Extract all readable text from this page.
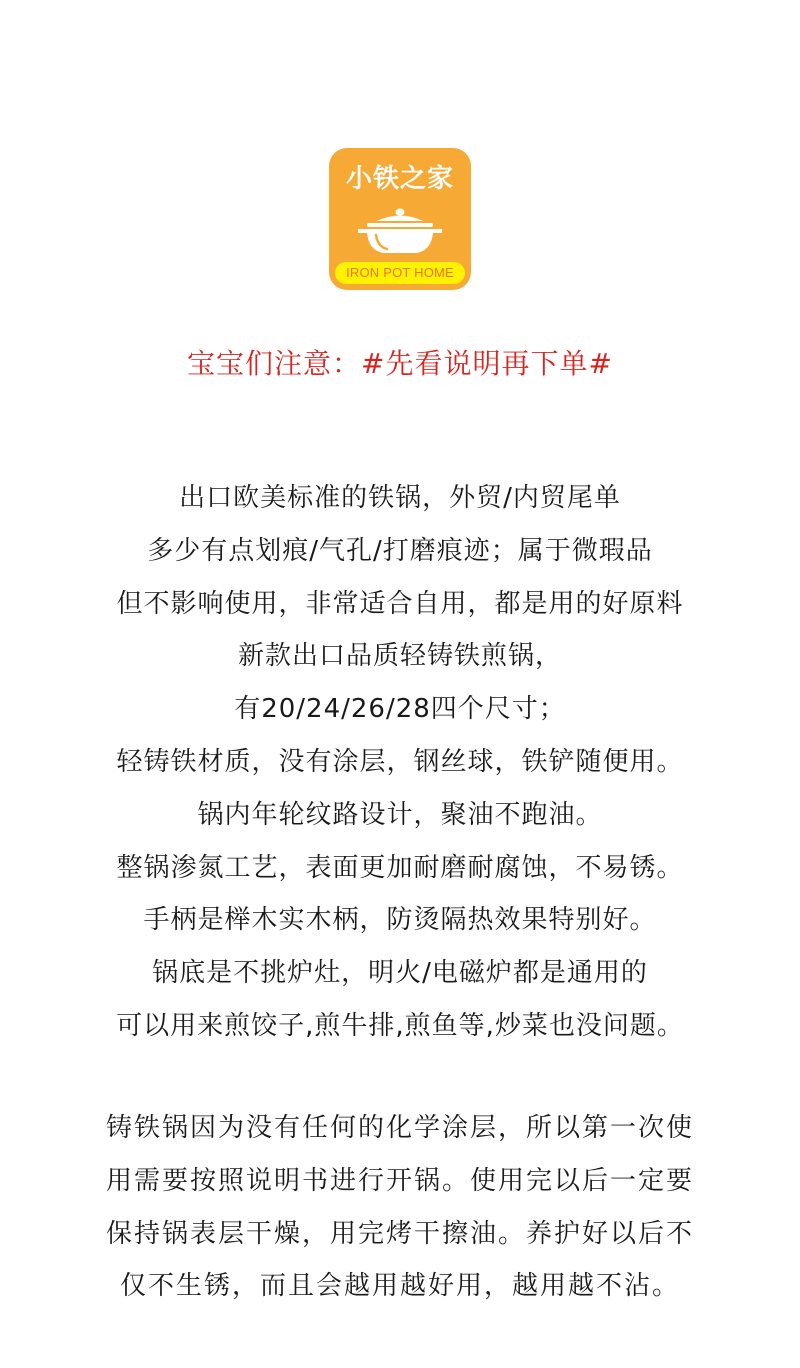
小铁之家
IRON POT HOME
宝宝们注意：#先看说明再下单#
出口欧美标准的铁锅，外贸/内贸尾单
多少有点划痕/气孔/打磨痕迹；属于微瑕品
但不影响使用，非常适合自用，都是用的好原料
新款出口品质轻铸铁煎锅，
有20/24/26/28四个尺寸；
轻铸铁材质，没有涂层，钢丝球，铁铲随便用。
锅内年轮纹路设计，聚油不跑油。
整锅渗氮工艺，表面更加耐磨耐腐蚀，不易锈。
手柄是榉木实木柄，防烫隔热效果特别好。
锅底是不挑炉灶，明火/电磁炉都是通用的
可以用来煎饺子,煎牛排,煎鱼等,炒菜也没问题。
铸铁锅因为没有任何的化学涂层，所以第一次使
用需要按照说明书进行开锅。使用完以后一定要
保持锅表层干燥，用完烤干擦油。养护好以后不
仅不生锈，而且会越用越好用，越用越不沾。
